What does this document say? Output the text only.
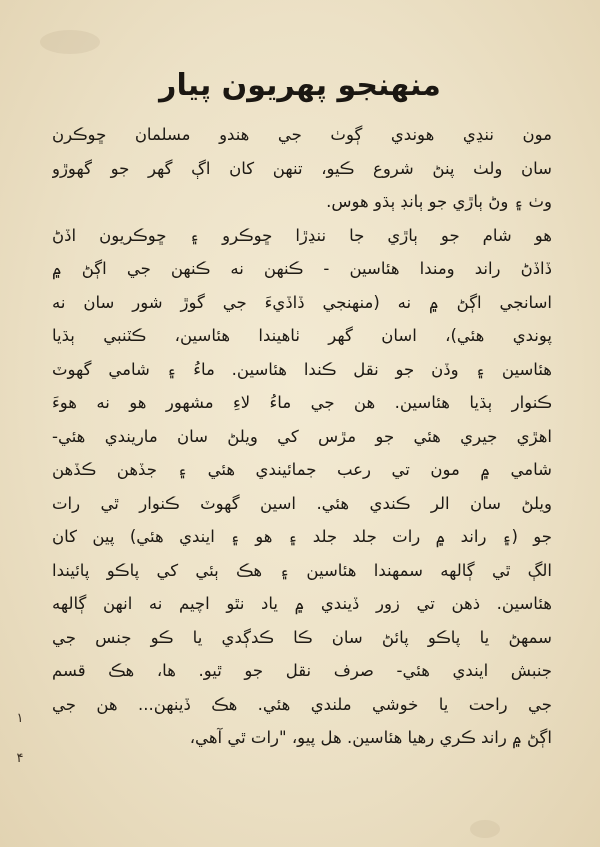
منهنجو پهريون پيار
مون ننڍي هوندي ڳوٺ جي هندو مسلمان ڇوڪرن
سان ولٺ پنڻ شروع ڪيو، تنهن کان اڳ گهر جو گهوڙو
وٺ ۽ وڻ ٻاڙي جو ٻانڊ ٻڌو هوس.
هو شام جو ٻاڙي جا ننڍڙا ڇوڪرو ۽ ڇوڪريون اڏڻ
ڏاڏڻ راند ومندا هئاسين - ڪنهن نه ڪنهن جي اڳڻ ۾
اسانجي اڳڻ ۾ نه (منهنجي ڏاڏيءَ جي گوڙ شور سان نه
پوندي هئي)، اسان گهر ٺاهيندا هئاسين، ڪٽنبي ٻڌيا
هئاسين ۽ وڏن جو نقل ڪندا هئاسين. ماءُ ۽ شامي گهوٽ
ڪنوار ٻڌيا هئاسين. هن جي ماءُ لاءِ مشهور هو نه هوءَ
اهڙي جيري هئي جو مڙس کي ويلڻ سان ماريندي هئي-
شامي ۾ مون تي رعب جمائيندي هئي ۽ جڏهن ڪڏهن
ويلڻ سان الر ڪندي هئي. اسين گهوٽ ڪنوار ٿي رات
جو (۽ راند ۾ رات جلد جلد ۽ هو ۽ ايندي هئي) پين کان
الڳ ٿي ڳالهه سمهندا هئاسين ۽ هڪ ٻئي کي پاڪو پائيندا
هئاسين. ذهن تي زور ڏيندي ۾ ياد نٿو اچيم نه انهن ڳالهه
سمهڻ يا پاڪو پائڻ سان ڪا ڪدڳدي يا ڪو جنس جي
جنبش ايندي هئي- صرف نقل جو ٿيو. ها، هڪ قسم
جي راحت يا خوشي ملندي هئي. هڪ ڏينهن... هن جي
اڳڻ ۾ راند ڪري رهيا هئاسين. هل پيو، "رات ٿي آهي،
۱
۴
